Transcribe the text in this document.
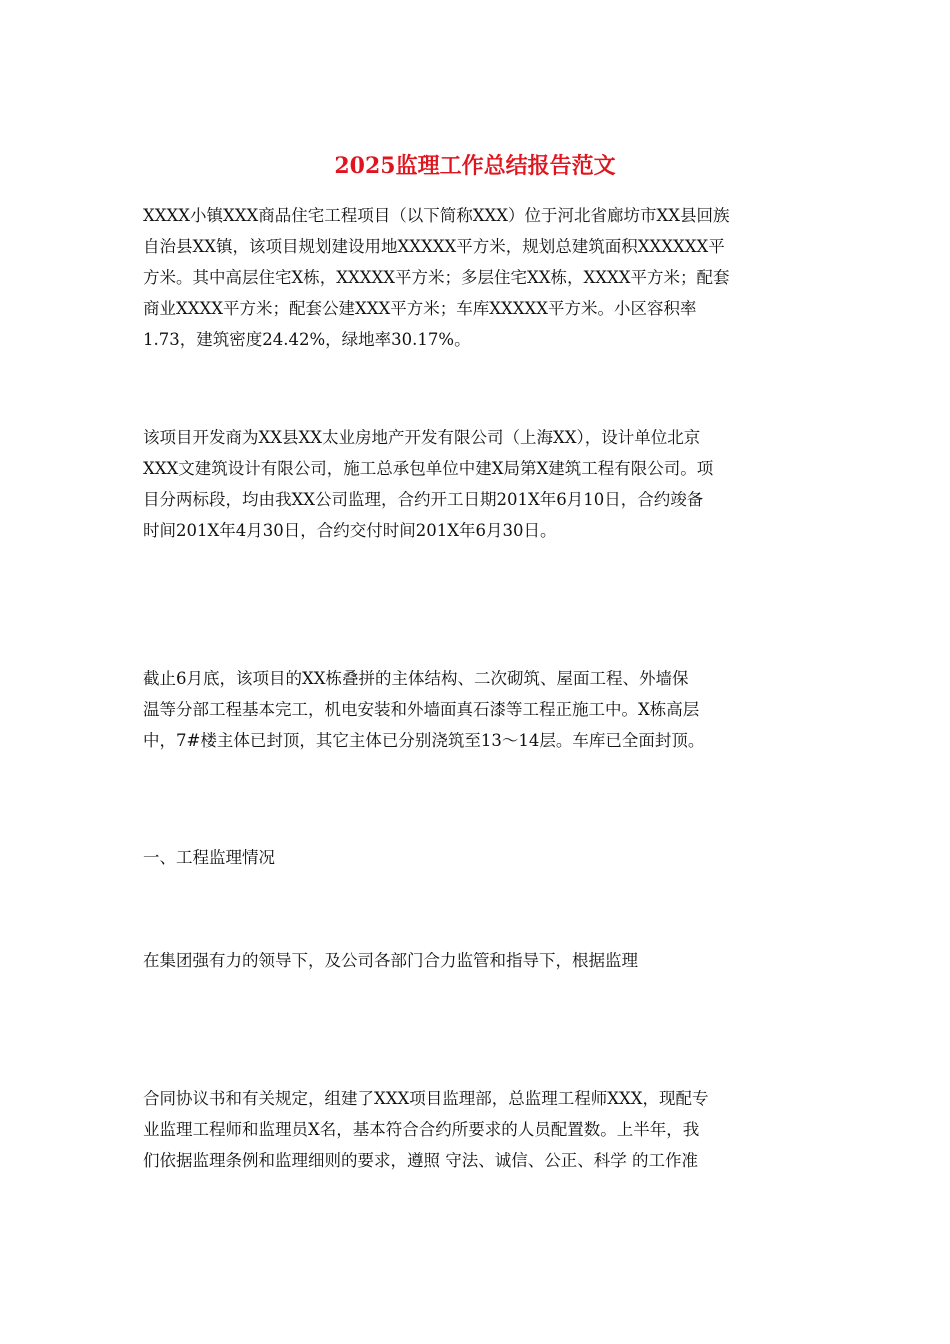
2025监理工作总结报告范文
XXXX小镇XXX商品住宅工程项目（以下简称XXX）位于河北省廊坊市XX县回族
自治县XX镇，该项目规划建设用地XXXXX平方米，规划总建筑面积XXXXXX平
方米。其中高层住宅X栋，XXXXX平方米；多层住宅XX栋，XXXX平方米；配套
商业XXXX平方米；配套公建XXX平方米；车库XXXXX平方米。小区容积率
1.73，建筑密度24.42%，绿地率30.17%。
该项目开发商为XX县XX太业房地产开发有限公司（上海XX），设计单位北京
XXX文建筑设计有限公司，施工总承包单位中建X局第X建筑工程有限公司。项
目分两标段，均由我XX公司监理，合约开工日期201X年6月10日，合约竣备
时间201X年4月30日，合约交付时间201X年6月30日。
截止6月底，该项目的XX栋叠拼的主体结构、二次砌筑、屋面工程、外墙保
温等分部工程基本完工，机电安装和外墙面真石漆等工程正施工中。X栋高层
中，7#楼主体已封顶，其它主体已分别浇筑至13～14层。车库已全面封顶。
一、工程监理情况
在集团强有力的领导下，及公司各部门合力监管和指导下，根据监理
合同协议书和有关规定，组建了XXX项目监理部，总监理工程师XXX，现配专
业监理工程师和监理员X名，基本符合合约所要求的人员配置数。上半年，我
们依据监理条例和监理细则的要求，遵照 守法、诚信、公正、科学 的工作准
